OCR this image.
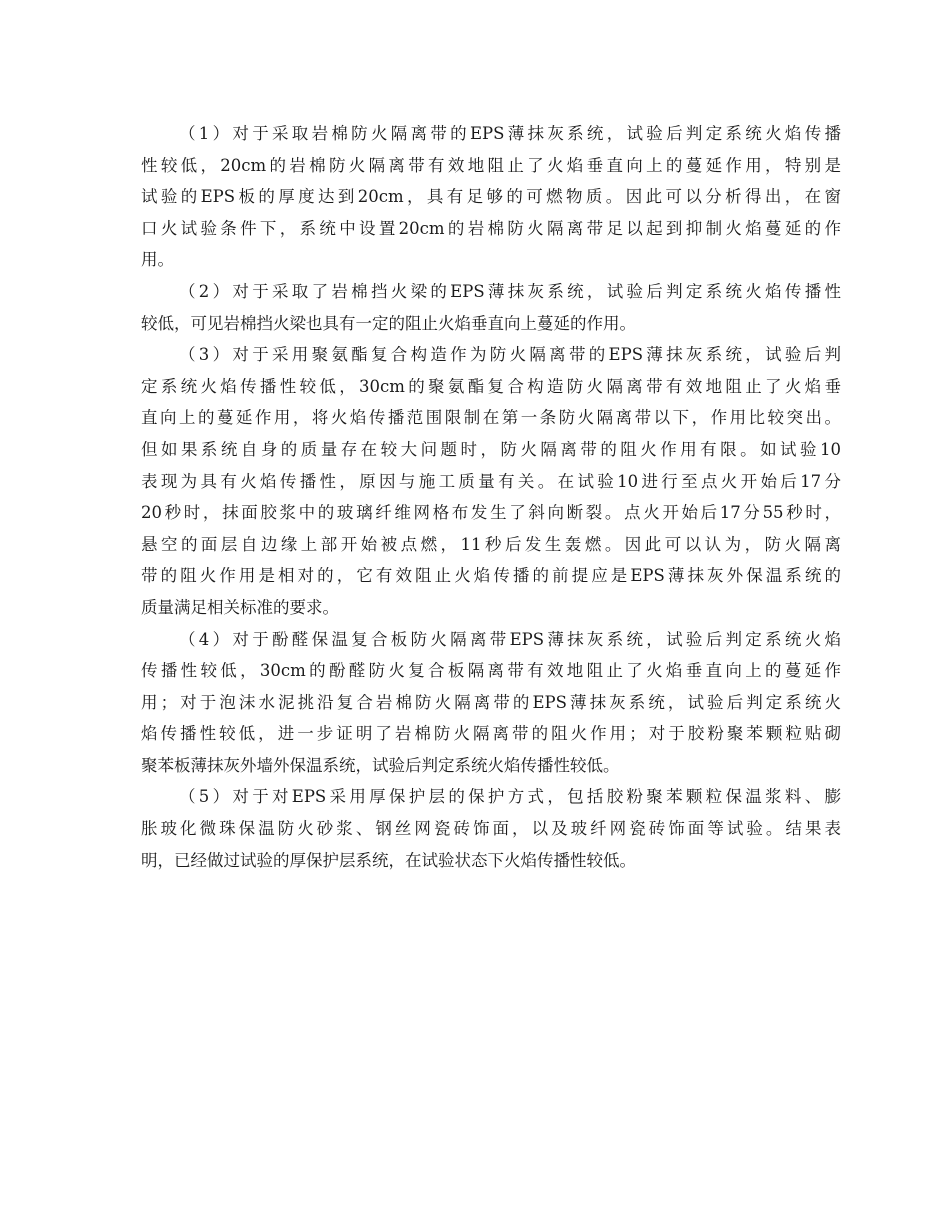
（1）对于采取岩棉防火隔离带的EPS薄抹灰系统，试验后判定系统火焰传播
性较低，20cm的岩棉防火隔离带有效地阻止了火焰垂直向上的蔓延作用，特别是
试验的EPS板的厚度达到20cm，具有足够的可燃物质。因此可以分析得出，在窗
口火试验条件下，系统中设置20cm的岩棉防火隔离带足以起到抑制火焰蔓延的作
用。
（2）对于采取了岩棉挡火梁的EPS薄抹灰系统，试验后判定系统火焰传播性
较低，可见岩棉挡火梁也具有一定的阻止火焰垂直向上蔓延的作用。
（3）对于采用聚氨酯复合构造作为防火隔离带的EPS薄抹灰系统，试验后判
定系统火焰传播性较低，30cm的聚氨酯复合构造防火隔离带有效地阻止了火焰垂
直向上的蔓延作用，将火焰传播范围限制在第一条防火隔离带以下，作用比较突出。
但如果系统自身的质量存在较大问题时，防火隔离带的阻火作用有限。如试验10
表现为具有火焰传播性，原因与施工质量有关。在试验10进行至点火开始后17分
20秒时，抹面胶浆中的玻璃纤维网格布发生了斜向断裂。点火开始后17分55秒时，
悬空的面层自边缘上部开始被点燃，11秒后发生轰燃。因此可以认为，防火隔离
带的阻火作用是相对的，它有效阻止火焰传播的前提应是EPS薄抹灰外保温系统的
质量满足相关标准的要求。
（4）对于酚醛保温复合板防火隔离带EPS薄抹灰系统，试验后判定系统火焰
传播性较低，30cm的酚醛防火复合板隔离带有效地阻止了火焰垂直向上的蔓延作
用；对于泡沫水泥挑沿复合岩棉防火隔离带的EPS薄抹灰系统，试验后判定系统火
焰传播性较低，进一步证明了岩棉防火隔离带的阻火作用；对于胶粉聚苯颗粒贴砌
聚苯板薄抹灰外墙外保温系统，试验后判定系统火焰传播性较低。
（5）对于对EPS采用厚保护层的保护方式，包括胶粉聚苯颗粒保温浆料、膨
胀玻化微珠保温防火砂浆、钢丝网瓷砖饰面，以及玻纤网瓷砖饰面等试验。结果表
明，已经做过试验的厚保护层系统，在试验状态下火焰传播性较低。
